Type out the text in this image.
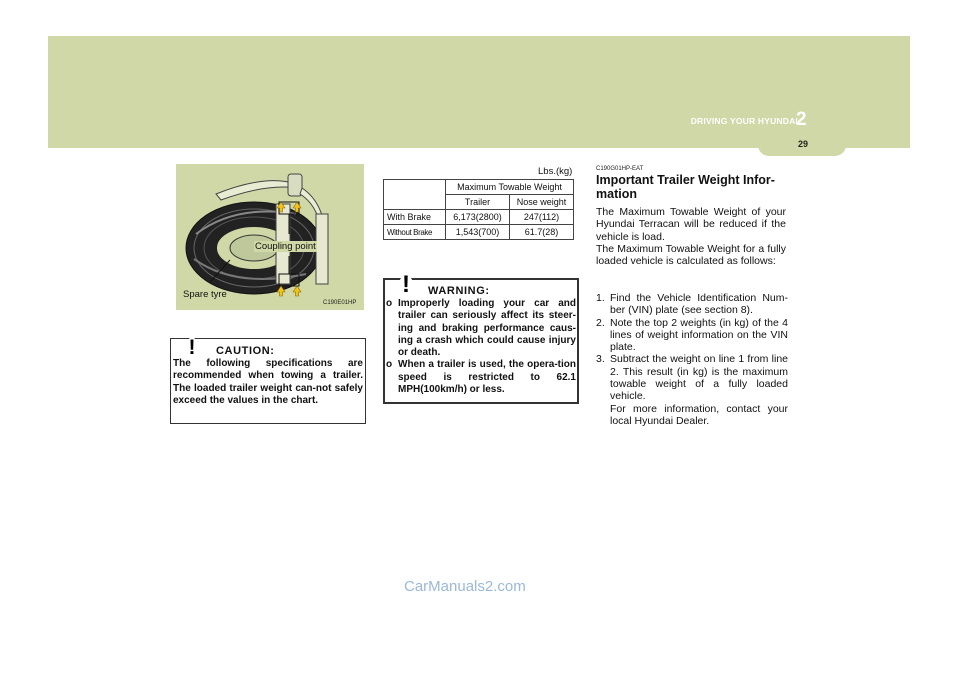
DRIVING YOUR HYUNDAI
2
29
Coupling point
Spare tyre
C190E01HP
! CAUTION:
The following specifications are recommended when towing a trailer. The loaded trailer weight can-not safely exceed the values in the chart.
Lbs.(kg)
	Maximum Towable Weight	
	Trailer	Nose weight
With Brake	6,173(2800)	247(112)
Without Brake	1,543(700)	61.7(28)
! WARNING:
o Improperly loading your car and trailer can seriously affect its steer-ing and braking performance caus-ing a crash which could cause injury or death.
o When a trailer is used, the opera-tion speed is restricted to 62.1 MPH(100km/h) or less.
C190G01HP-EAT
Important Trailer Weight Infor-mation
The Maximum Towable Weight of your Hyundai Terracan will be reduced if the vehicle is load.
The Maximum Towable Weight for a fully loaded vehicle is calculated as follows:
1. Find the Vehicle Identification Num-ber (VIN) plate (see section 8).
2. Note the top 2 weights (in kg) of the 4 lines of weight information on the VIN plate.
3. Subtract the weight on line 1 from line 2. This result (in kg) is the maximum towable weight of a fully loaded vehicle.
For more information, contact your local Hyundai Dealer.
CarManuals2.com
